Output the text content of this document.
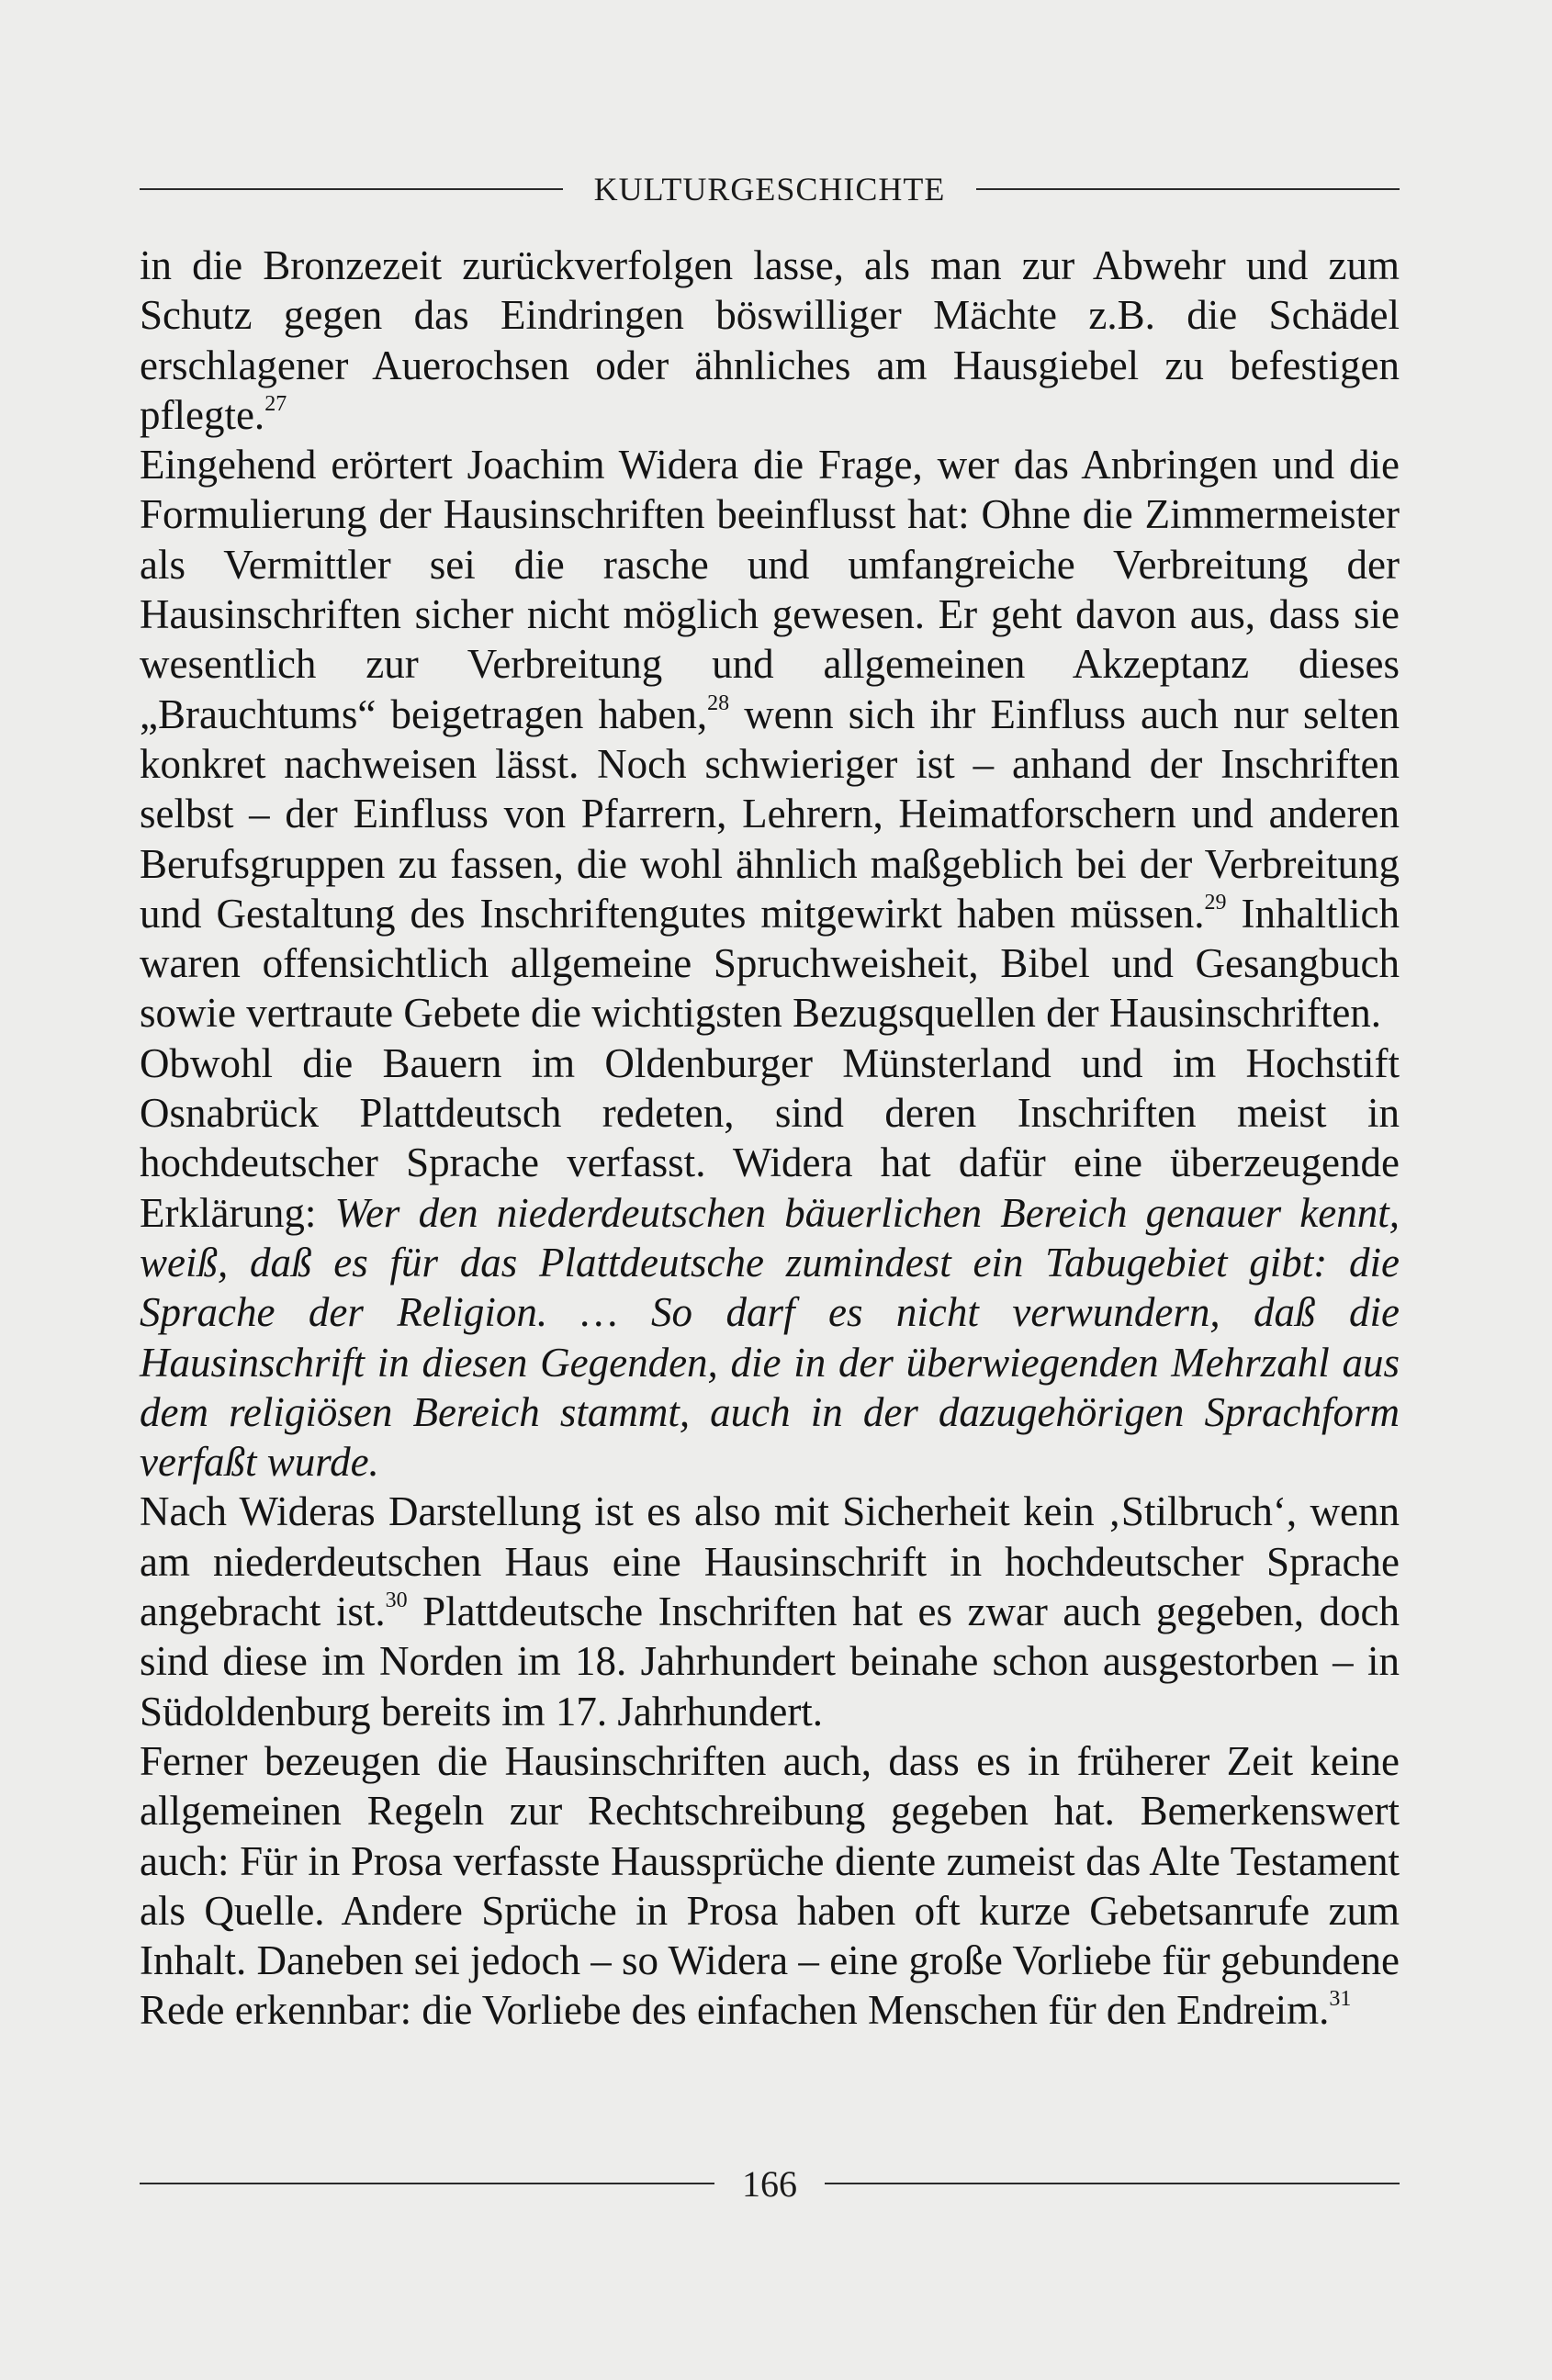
KULTURGESCHICHTE

in die Bronzezeit zurückverfolgen lasse, als man zur Abwehr und zum Schutz gegen das Eindringen böswilliger Mächte z.B. die Schädel erschlagener Auerochsen oder ähnliches am Hausgiebel zu befestigen pflegte.$^{27}$

Eingehend erörtert Joachim Widera die Frage, wer das Anbringen und die Formulierung der Hausinschriften beeinflusst hat: Ohne die Zimmermeister als Vermittler sei die rasche und umfangreiche Verbreitung der Hausinschriften sicher nicht möglich gewesen. Er geht davon aus, dass sie wesentlich zur Verbreitung und allgemeinen Akzeptanz dieses „Brauchtums“ beigetragen haben,$^{28}$ wenn sich ihr Einfluss auch nur selten konkret nachweisen lässt. Noch schwieriger ist – anhand der Inschriften selbst – der Einfluss von Pfarrern, Lehrern, Heimatforschern und anderen Berufsgruppen zu fassen, die wohl ähnlich maßgeblich bei der Verbreitung und Gestaltung des Inschriftengutes mitgewirkt haben müssen.$^{29}$ Inhaltlich waren offensichtlich allgemeine Spruchweisheit, Bibel und Gesangbuch sowie vertraute Gebete die wichtigsten Bezugsquellen der Hausinschriften.

Obwohl die Bauern im Oldenburger Münsterland und im Hochstift Osnabrück Plattdeutsch redeten, sind deren Inschriften meist in hochdeutscher Sprache verfasst. Widera hat dafür eine überzeugende Erklärung: Wer den niederdeutschen bäuerlichen Bereich genauer kennt, weiß, daß es für das Plattdeutsche zumindest ein Tabugebiet gibt: die Sprache der Religion. … So darf es nicht verwundern, daß die Hausinschrift in diesen Gegenden, die in der überwiegenden Mehrzahl aus dem religiösen Bereich stammt, auch in der dazugehörigen Sprachform verfaßt wurde.

Nach Wideras Darstellung ist es also mit Sicherheit kein ‚Stilbruch‘, wenn am niederdeutschen Haus eine Hausinschrift in hochdeutscher Sprache angebracht ist.$^{30}$ Plattdeutsche Inschriften hat es zwar auch gegeben, doch sind diese im Norden im 18. Jahrhundert beinahe schon ausgestorben – in Südoldenburg bereits im 17. Jahrhundert.

Ferner bezeugen die Hausinschriften auch, dass es in früherer Zeit keine allgemeinen Regeln zur Rechtschreibung gegeben hat. Bemerkenswert auch: Für in Prosa verfasste Haussprüche diente zumeist das Alte Testament als Quelle. Andere Sprüche in Prosa haben oft kurze Gebetsanrufe zum Inhalt. Daneben sei jedoch – so Widera – eine große Vorliebe für gebundene Rede erkennbar: die Vorliebe des einfachen Menschen für den Endreim.$^{31}$

166
